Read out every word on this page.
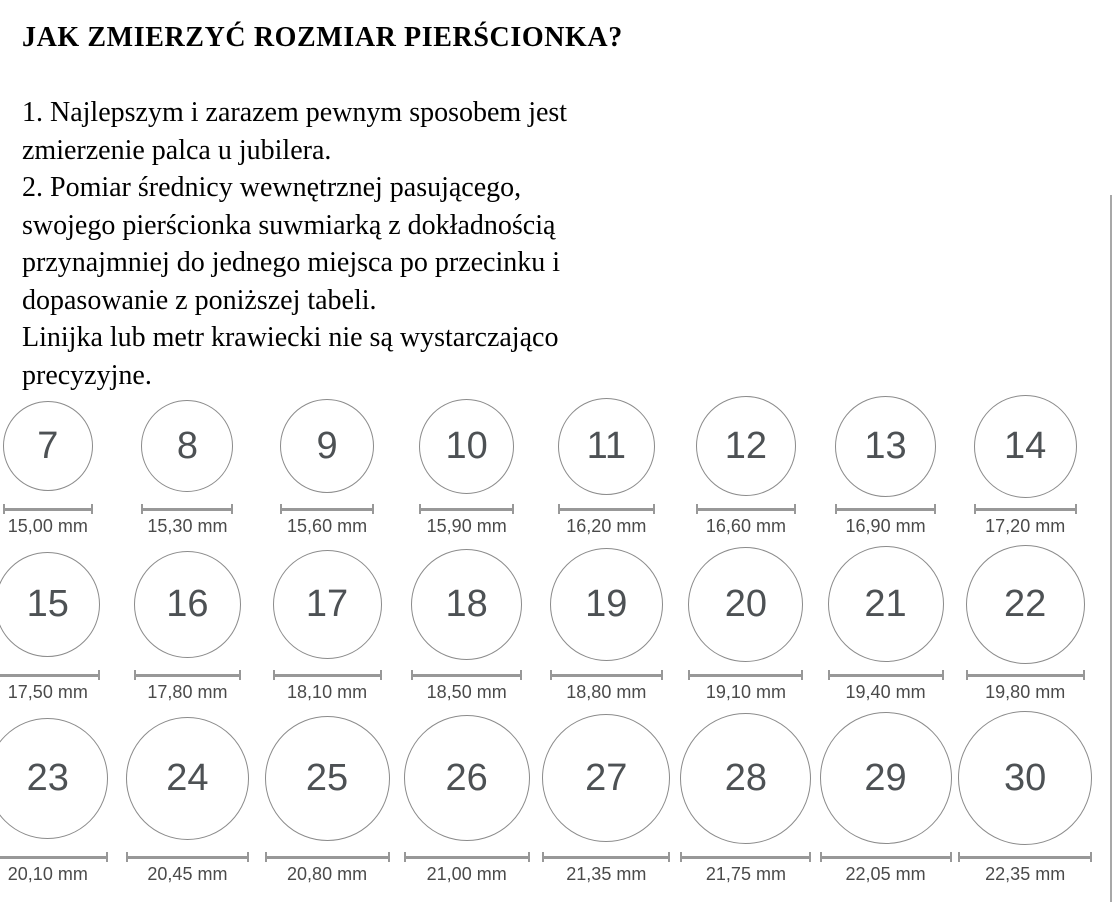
JAK ZMIERZYĆ ROZMIAR PIERŚCIONKA?
1. Najlepszym i zarazem pewnym sposobem jest
zmierzenie palca u jubilera.
2. Pomiar średnicy wewnętrznej pasującego,
swojego pierścionka suwmiarką z dokładnością
przynajmniej do jednego miejsca po przecinku i
dopasowanie z poniższej tabeli.
Linijka lub metr krawiecki nie są wystarczająco
precyzyjne.
7
15,00 mm
8
15,30 mm
9
15,60 mm
10
15,90 mm
11
16,20 mm
12
16,60 mm
13
16,90 mm
14
17,20 mm
15
17,50 mm
16
17,80 mm
17
18,10 mm
18
18,50 mm
19
18,80 mm
20
19,10 mm
21
19,40 mm
22
19,80 mm
23
20,10 mm
24
20,45 mm
25
20,80 mm
26
21,00 mm
27
21,35 mm
28
21,75 mm
29
22,05 mm
30
22,35 mm
